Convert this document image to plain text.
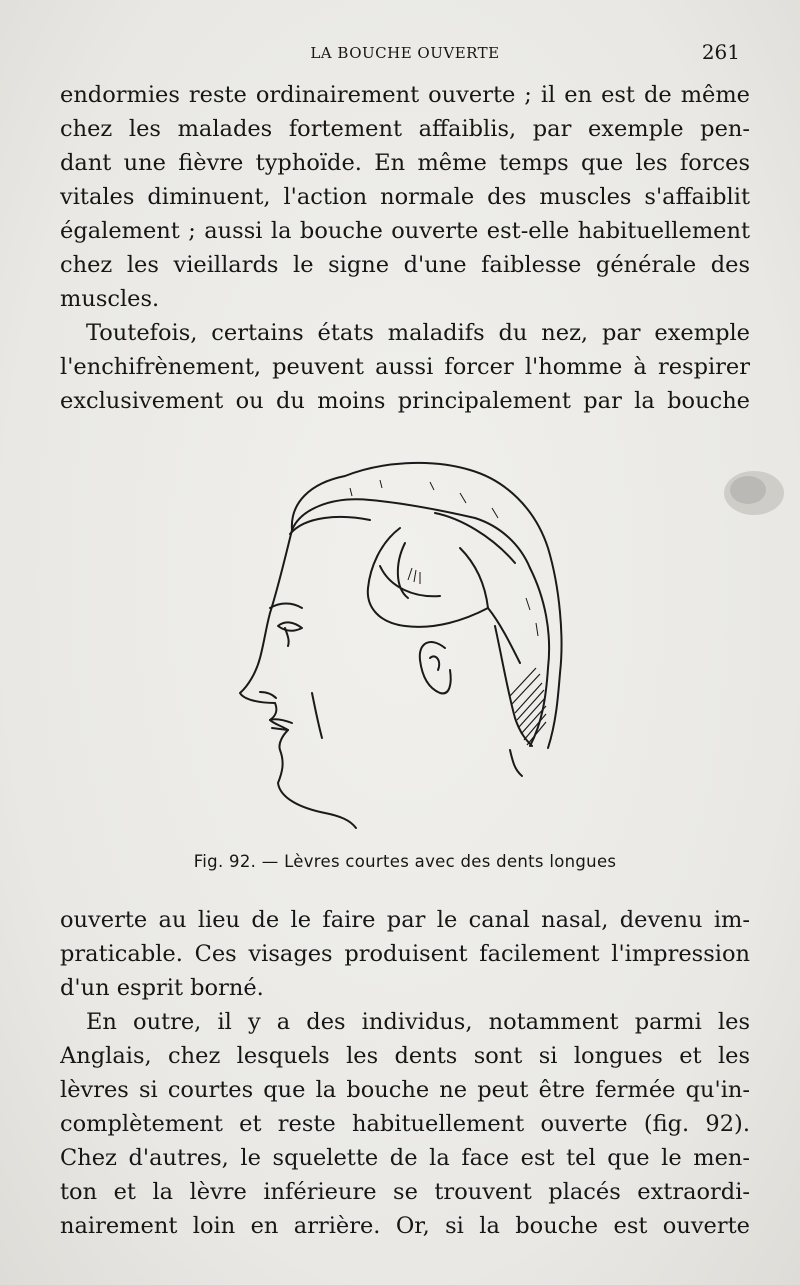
LA BOUCHE OUVERTE	261
endormies reste ordinairement ouverte ; il en est de même
chez les malades fortement affaiblis, par exemple pen-
dant une fièvre typhoïde. En même temps que les forces
vitales diminuent, l'action normale des muscles s'affaiblit
également ; aussi la bouche ouverte est-elle habituellement
chez les vieillards le signe d'une faiblesse générale des
muscles.
Toutefois, certains états maladifs du nez, par exemple
l'enchifrènement, peuvent aussi forcer l'homme à respirer
exclusivement ou du moins principalement par la bouche
Fig. 92. — Lèvres courtes avec des dents longues
ouverte au lieu de le faire par le canal nasal, devenu im-
praticable. Ces visages produisent facilement l'impression
d'un esprit borné.
En outre, il y a des individus, notamment parmi les
Anglais, chez lesquels les dents sont si longues et les
lèvres si courtes que la bouche ne peut être fermée qu'in-
complètement et reste habituellement ouverte (fig. 92).
Chez d'autres, le squelette de la face est tel que le men-
ton et la lèvre inférieure se trouvent placés extraordi-
nairement loin en arrière. Or, si la bouche est ouverte
